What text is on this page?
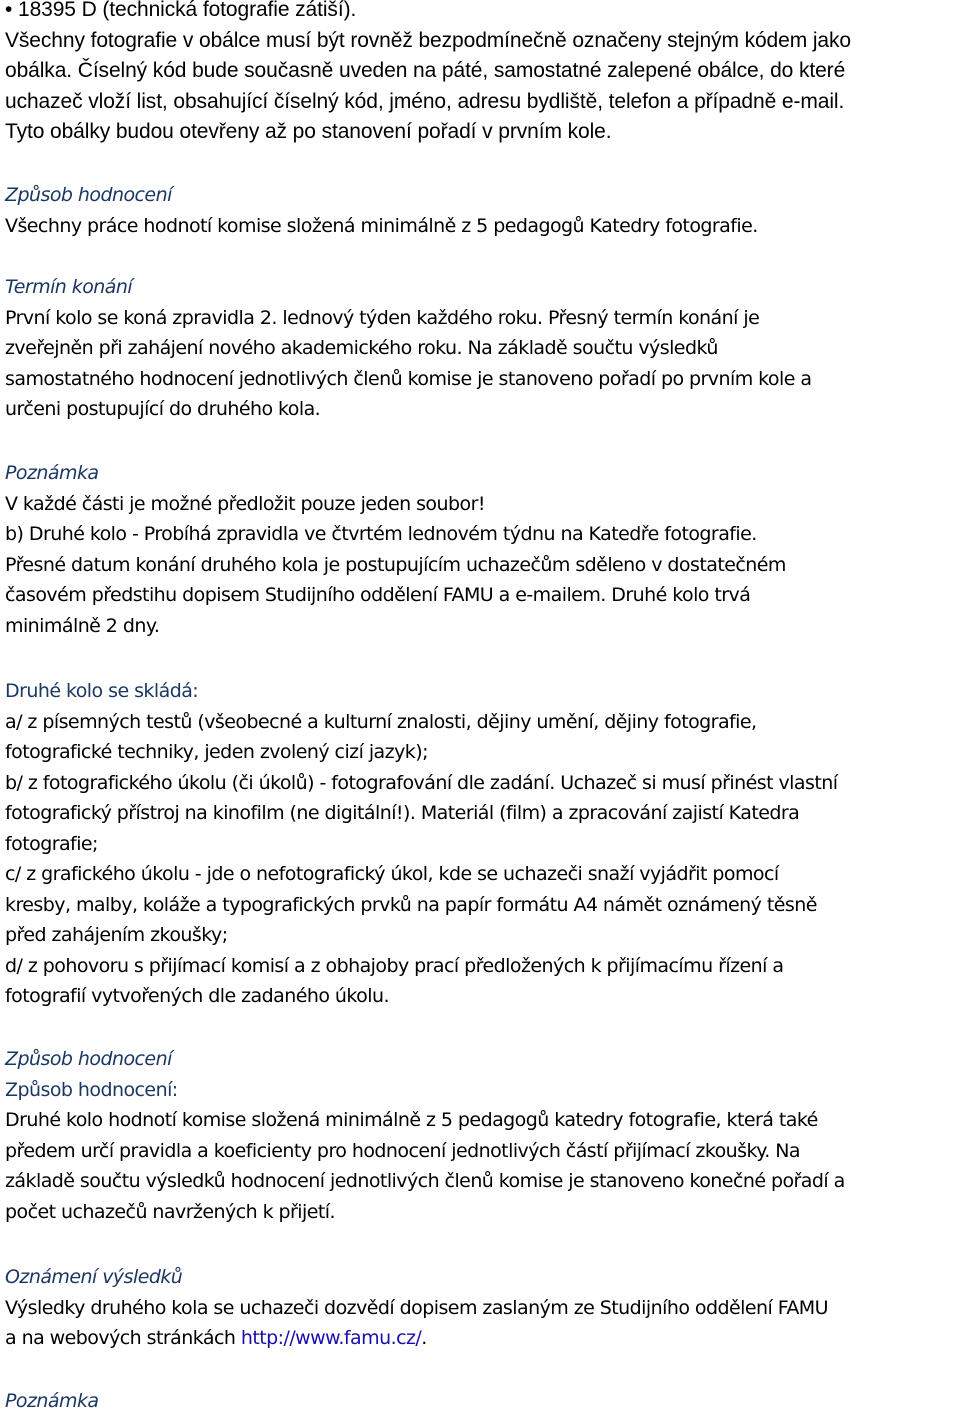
• 18395 D (technická fotografie zátiší).
Všechny fotografie v obálce musí být rovněž bezpodmínečně označeny stejným kódem jako
obálka. Číselný kód bude současně uveden na páté, samostatné zalepené obálce, do které
uchazeč vloží list, obsahující číselný kód, jméno, adresu bydliště, telefon a případně e-mail.
Tyto obálky budou otevřeny až po stanovení pořadí v prvním kole.
Způsob hodnocení
Všechny práce hodnotí komise složená minimálně z 5 pedagogů Katedry fotografie.
Termín konání
První kolo se koná zpravidla 2. lednový týden každého roku. Přesný termín konání je
zveřejněn při zahájení nového akademického roku. Na základě součtu výsledků
samostatného hodnocení jednotlivých členů komise je stanoveno pořadí po prvním kole a
určeni postupující do druhého kola.
Poznámka
V každé části je možné předložit pouze jeden soubor!
b) Druhé kolo - Probíhá zpravidla ve čtvrtém lednovém týdnu na Katedře fotografie.
Přesné datum konání druhého kola je postupujícím uchazečům sděleno v dostatečném
časovém předstihu dopisem Studijního oddělení FAMU a e-mailem. Druhé kolo trvá
minimálně 2 dny.
Druhé kolo se skládá:
a/ z písemných testů (všeobecné a kulturní znalosti, dějiny umění, dějiny fotografie,
fotografické techniky, jeden zvolený cizí jazyk);
b/ z fotografického úkolu (či úkolů) - fotografování dle zadání. Uchazeč si musí přinést vlastní
fotografický přístroj na kinofilm (ne digitální!). Materiál (film) a zpracování zajistí Katedra
fotografie;
c/ z grafického úkolu - jde o nefotografický úkol, kde se uchazeči snaží vyjádřit pomocí
kresby, malby, koláže a typografických prvků na papír formátu A4 námět oznámený těsně
před zahájením zkoušky;
d/ z pohovoru s přijímací komisí a z obhajoby prací předložených k přijímacímu řízení a
fotografií vytvořených dle zadaného úkolu.
Způsob hodnocení
Způsob hodnocení:
Druhé kolo hodnotí komise složená minimálně z 5 pedagogů katedry fotografie, která také
předem určí pravidla a koeficienty pro hodnocení jednotlivých částí přijímací zkoušky. Na
základě součtu výsledků hodnocení jednotlivých členů komise je stanoveno konečné pořadí a
počet uchazečů navržených k přijetí.
Oznámení výsledků
Výsledky druhého kola se uchazeči dozvědí dopisem zaslaným ze Studijního oddělení FAMU
a na webových stránkách http://www.famu.cz/.
Poznámka
